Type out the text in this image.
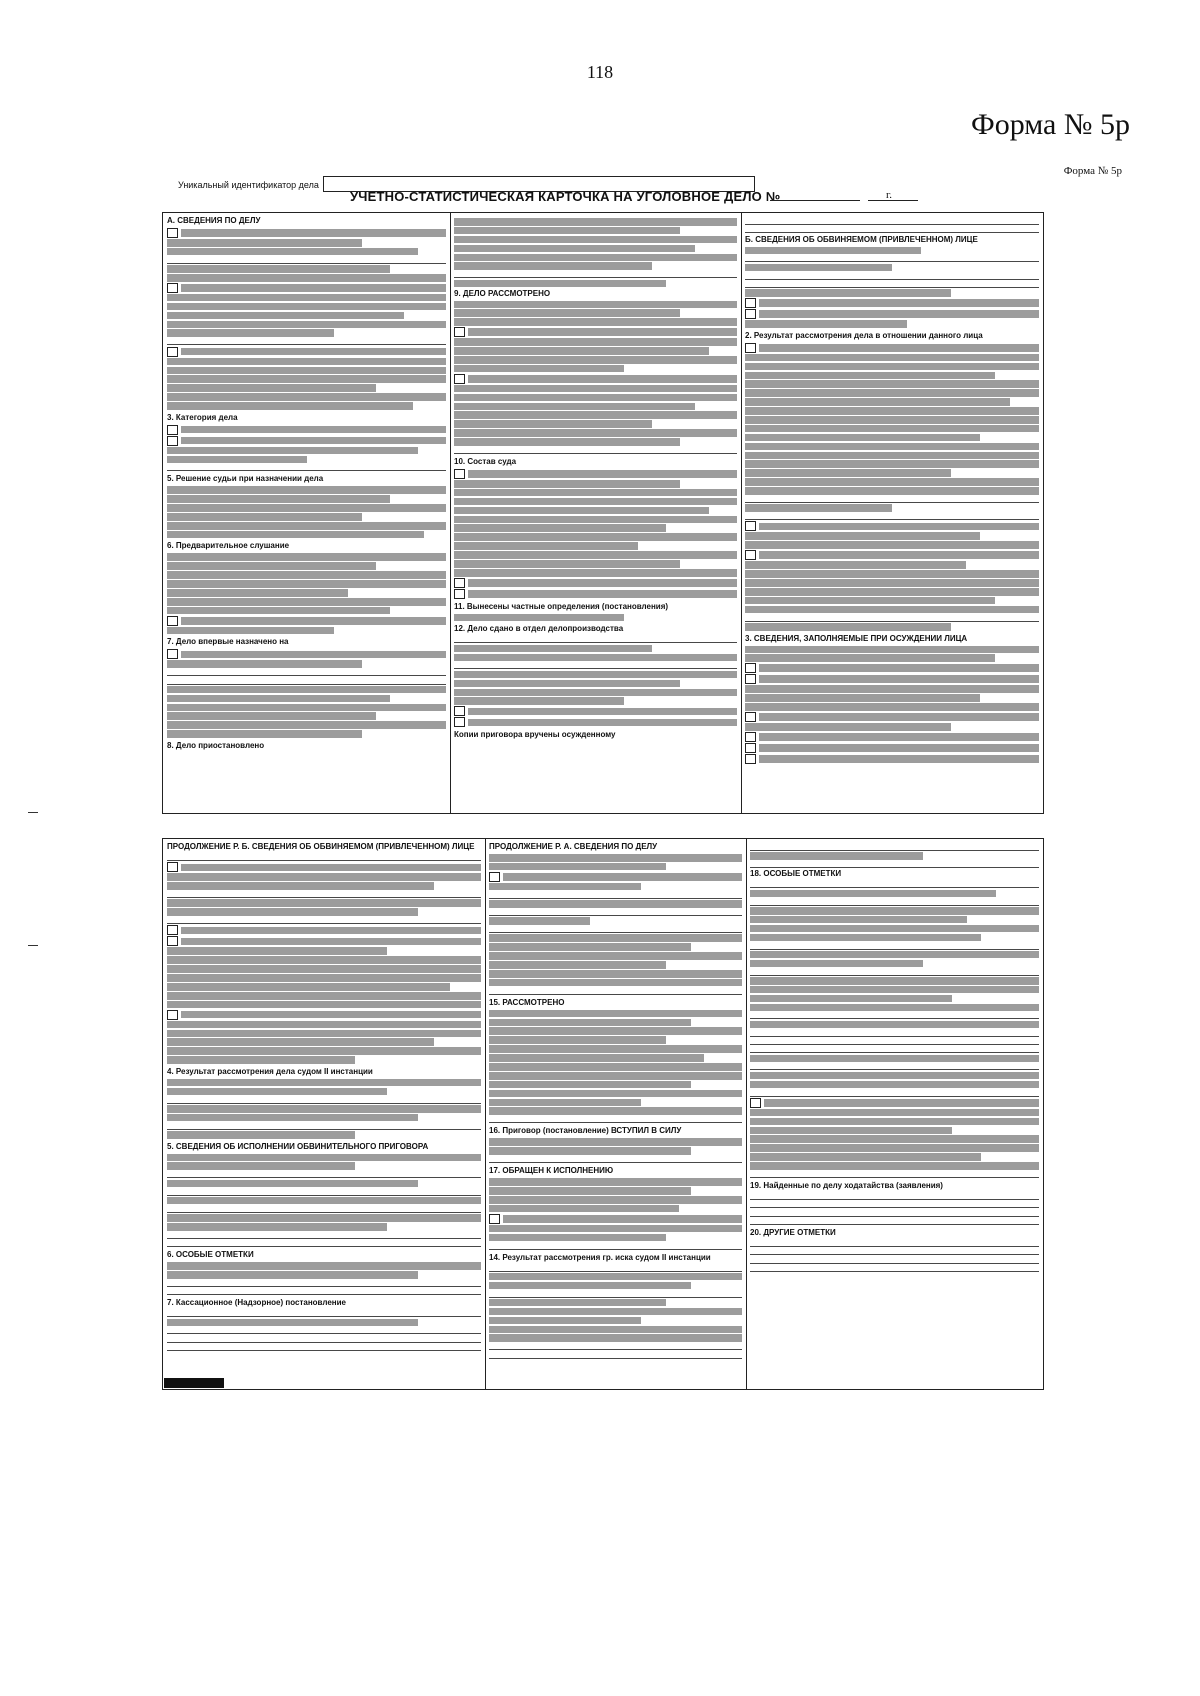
118
Форма № 5р
Форма № 5р
Уникальный идентификатор дела
УЧЕТНО-СТАТИСТИЧЕСКАЯ КАРТОЧКА НА УГОЛОВНОЕ ДЕЛО №	г.
А. СВЕДЕНИЯ ПО ДЕЛУ
3. Категория дела
5. Решение судьи при назначении дела
6. Предварительное слушание
7. Дело впервые назначено на
8. Дело приостановлено
9. ДЕЛО РАССМОТРЕНО
10. Состав суда
11. Вынесены частные определения (постановления)
12. Дело сдано в отдел делопроизводства
Копии приговора вручены осужденному
Б. СВЕДЕНИЯ ОБ ОБВИНЯЕМОМ (ПРИВЛЕЧЕННОМ) ЛИЦЕ
2. Результат рассмотрения дела в отношении данного лица
3. СВЕДЕНИЯ, ЗАПОЛНЯЕМЫЕ ПРИ ОСУЖДЕНИИ ЛИЦА
ПРОДОЛЖЕНИЕ Р. Б. СВЕДЕНИЯ ОБ ОБВИНЯЕМОМ (ПРИВЛЕЧЕННОМ) ЛИЦЕ
4. Результат рассмотрения дела судом II инстанции
5. СВЕДЕНИЯ ОБ ИСПОЛНЕНИИ ОБВИНИТЕЛЬНОГО ПРИГОВОРА
6. ОСОБЫЕ ОТМЕТКИ
7. Кассационное (Надзорное) постановление
ПРОДОЛЖЕНИЕ Р. А. СВЕДЕНИЯ ПО ДЕЛУ
15. РАССМОТРЕНО
16. Приговор (постановление) ВСТУПИЛ В СИЛУ
17. ОБРАЩЕН К ИСПОЛНЕНИЮ
14. Результат рассмотрения гр. иска судом II инстанции
18. ОСОБЫЕ ОТМЕТКИ
19. Найденные по делу ходатайства (заявления)
20. ДРУГИЕ ОТМЕТКИ
